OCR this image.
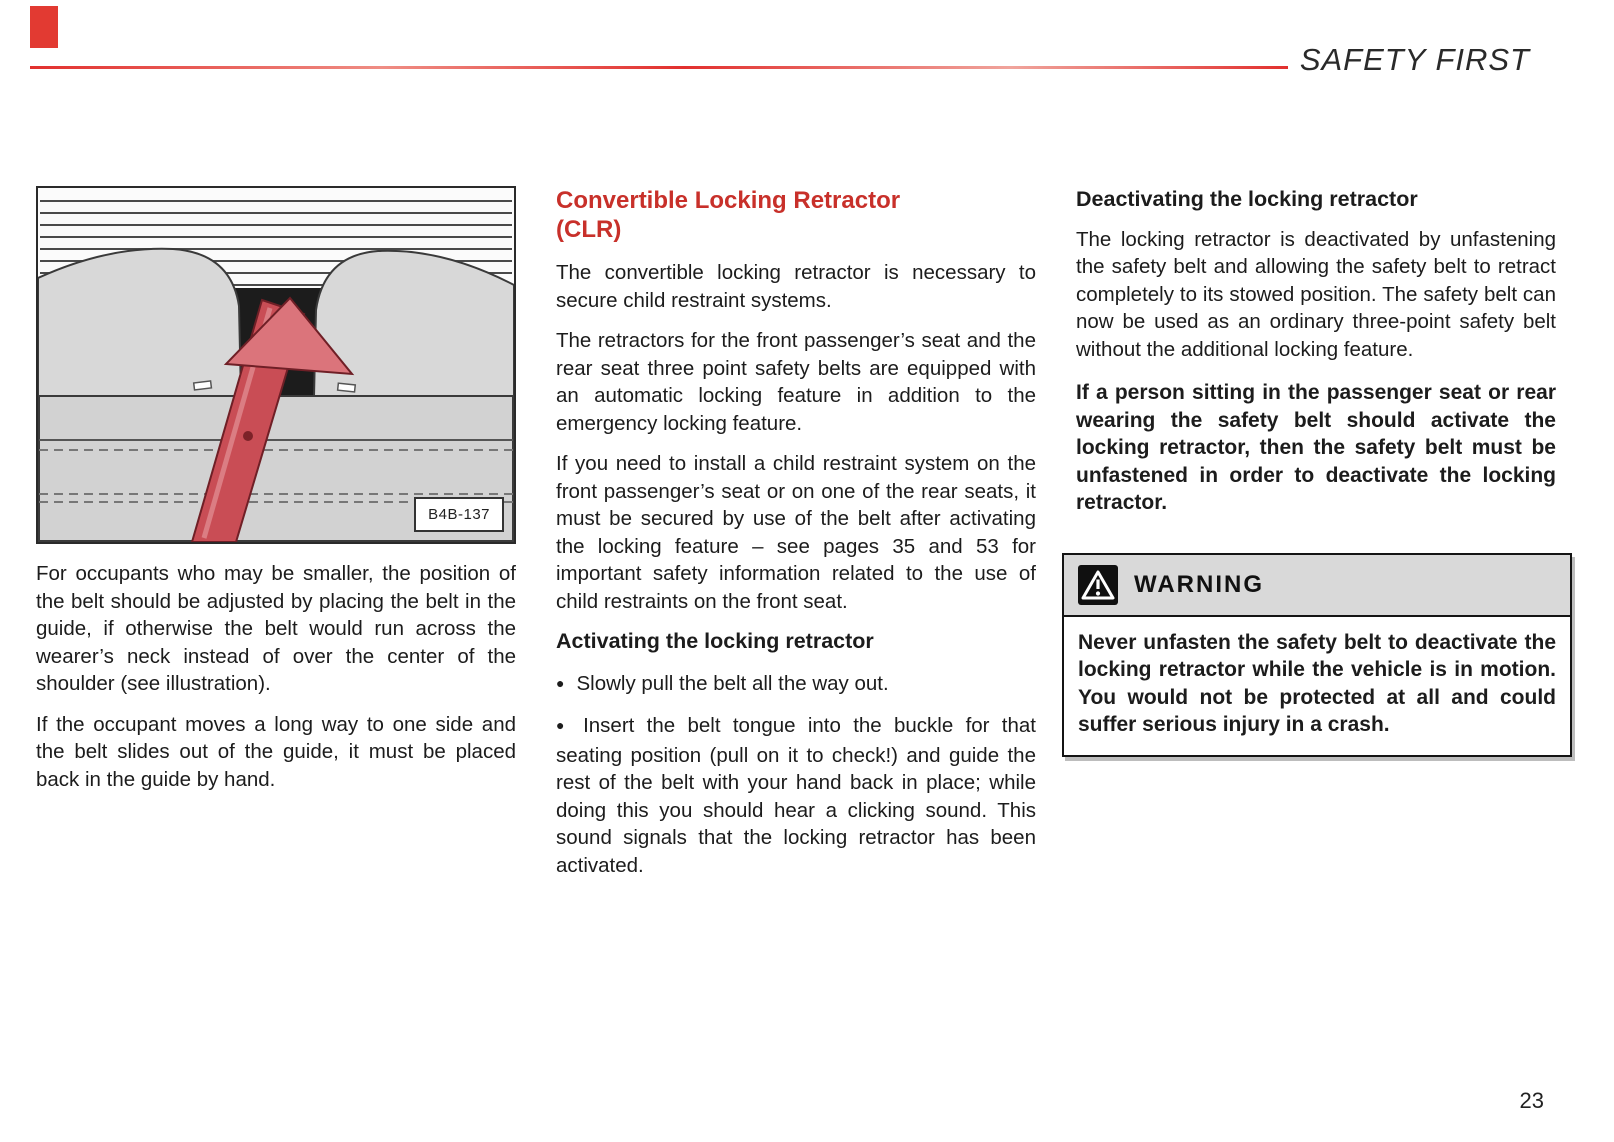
SAFETY FIRST
B4B-137

For occupants who may be smaller, the position of the belt should be adjusted by placing the belt in the guide, if otherwise the belt would run across the wearer’s neck instead of over the center of the shoulder (see illustration).

If the occupant moves a long way to one side and the belt slides out of the guide, it must be placed back in the guide by hand.

Convertible Locking Retractor
(CLR)

The convertible locking retractor is necessary to secure child restraint systems.

The retractors for the front passenger’s seat and the rear seat three point safety belts are equipped with an automatic locking feature in addition to the emergency locking feature.

If you need to install a child restraint system on the front passenger’s seat or on one of the rear seats, it must be secured by use of the belt after activating the locking feature – see pages 35 and 53 for important safety information related to the use of child restraints on the front seat.

Activating the locking retractor

● Slowly pull the belt all the way out.

● Insert the belt tongue into the buckle for that seating position (pull on it to check!) and guide the rest of the belt with your hand back in place; while doing this you should hear a clicking sound. This sound signals that the locking retractor has been activated.

Deactivating the locking retractor

The locking retractor is deactivated by unfastening the safety belt and allowing the safety belt to retract completely to its stowed position. The safety belt can now be used as an ordinary three-point safety belt without the additional locking feature.

If a person sitting in the passenger seat or rear wearing the safety belt should activate the locking retractor, then the safety belt must be unfastened in order to deactivate the locking retractor.

WARNING

Never unfasten the safety belt to deactivate the locking retractor while the vehicle is in motion. You would not be protected at all and could suffer serious injury in a crash.

23
